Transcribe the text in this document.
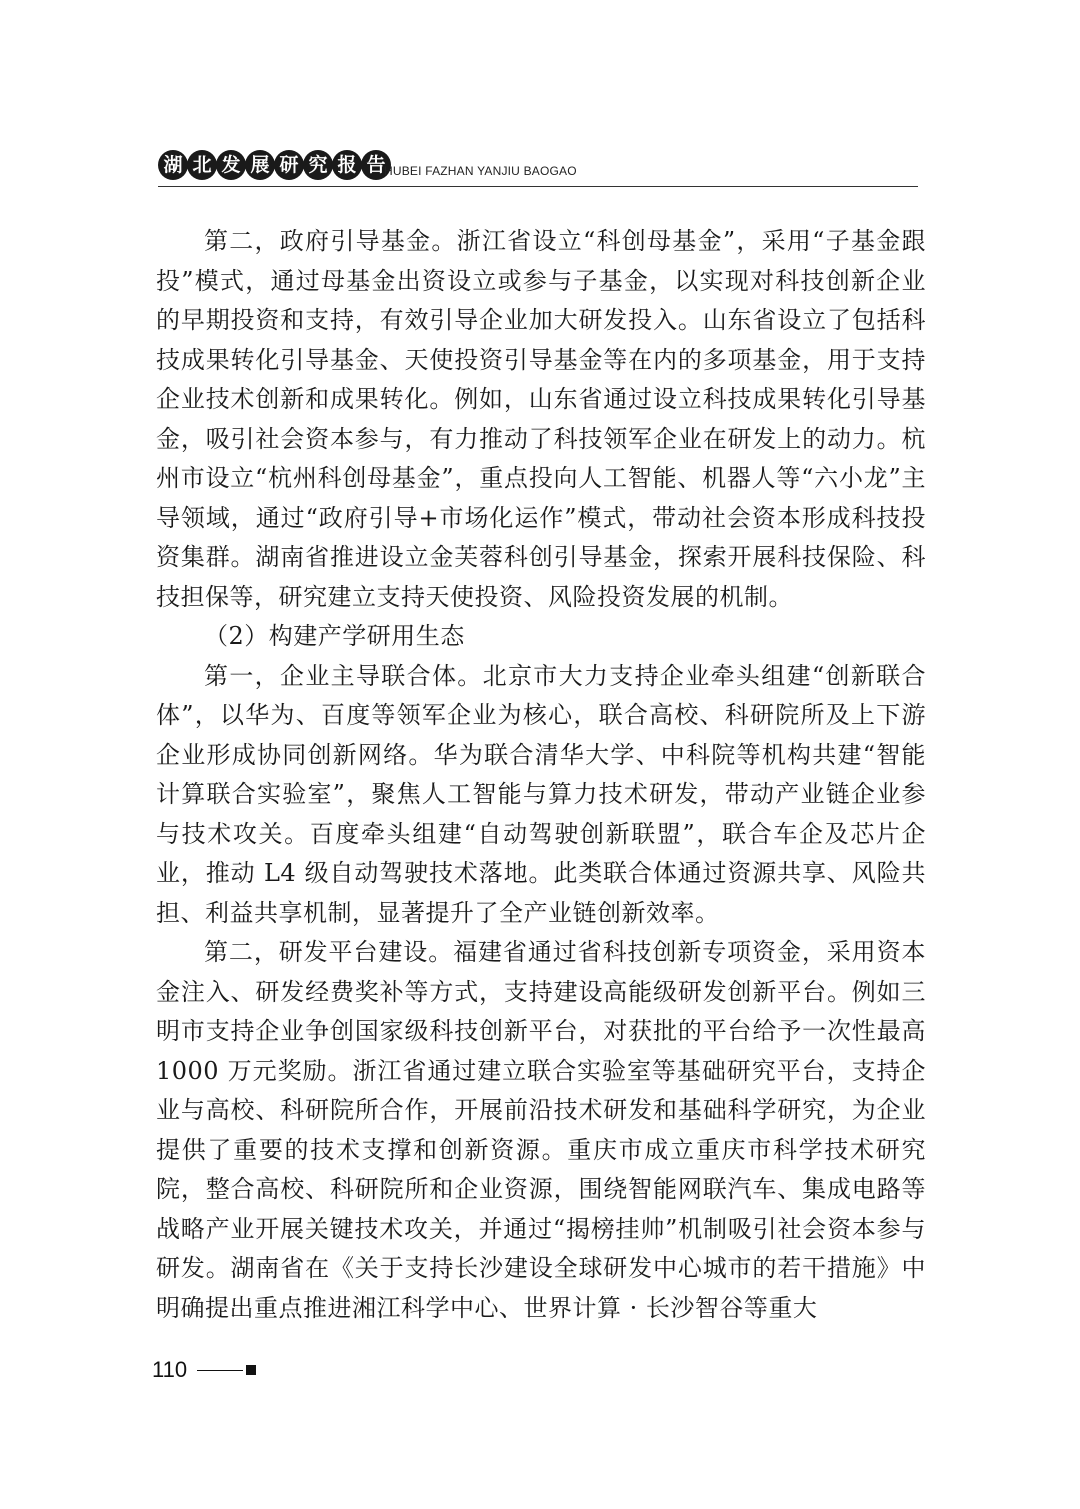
湖 北 发 展 研 究 报 告
HUBEI FAZHAN YANJIU BAOGAO

第二，政府引导基金。浙江省设立“科创母基金”，采用“子基金跟投”模式，通过母基金出资设立或参与子基金，以实现对科技创新企业的早期投资和支持，有效引导企业加大研发投入。山东省设立了包括科技成果转化引导基金、天使投资引导基金等在内的多项基金，用于支持企业技术创新和成果转化。例如，山东省通过设立科技成果转化引导基金，吸引社会资本参与，有力推动了科技领军企业在研发上的动力。杭州市设立“杭州科创母基金”，重点投向人工智能、机器人等“六小龙”主导领域，通过“政府引导+市场化运作”模式，带动社会资本形成科技投资集群。湖南省推进设立金芙蓉科创引导基金，探索开展科技保险、科技担保等，研究建立支持天使投资、风险投资发展的机制。

（2）构建产学研用生态

第一，企业主导联合体。北京市大力支持企业牵头组建“创新联合体”，以华为、百度等领军企业为核心，联合高校、科研院所及上下游企业形成协同创新网络。华为联合清华大学、中科院等机构共建“智能计算联合实验室”，聚焦人工智能与算力技术研发，带动产业链企业参与技术攻关。百度牵头组建“自动驾驶创新联盟”，联合车企及芯片企业，推动 L4 级自动驾驶技术落地。此类联合体通过资源共享、风险共担、利益共享机制，显著提升了全产业链创新效率。

第二，研发平台建设。福建省通过省科技创新专项资金，采用资本金注入、研发经费奖补等方式，支持建设高能级研发创新平台。例如三明市支持企业争创国家级科技创新平台，对获批的平台给予一次性最高 1000 万元奖励。浙江省通过建立联合实验室等基础研究平台，支持企业与高校、科研院所合作，开展前沿技术研发和基础科学研究，为企业提供了重要的技术支撑和创新资源。重庆市成立重庆市科学技术研究院，整合高校、科研院所和企业资源，围绕智能网联汽车、集成电路等战略产业开展关键技术攻关，并通过“揭榜挂帅”机制吸引社会资本参与研发。湖南省在《关于支持长沙建设全球研发中心城市的若干措施》中明确提出重点推进湘江科学中心、世界计算 · 长沙智谷等重大

110
